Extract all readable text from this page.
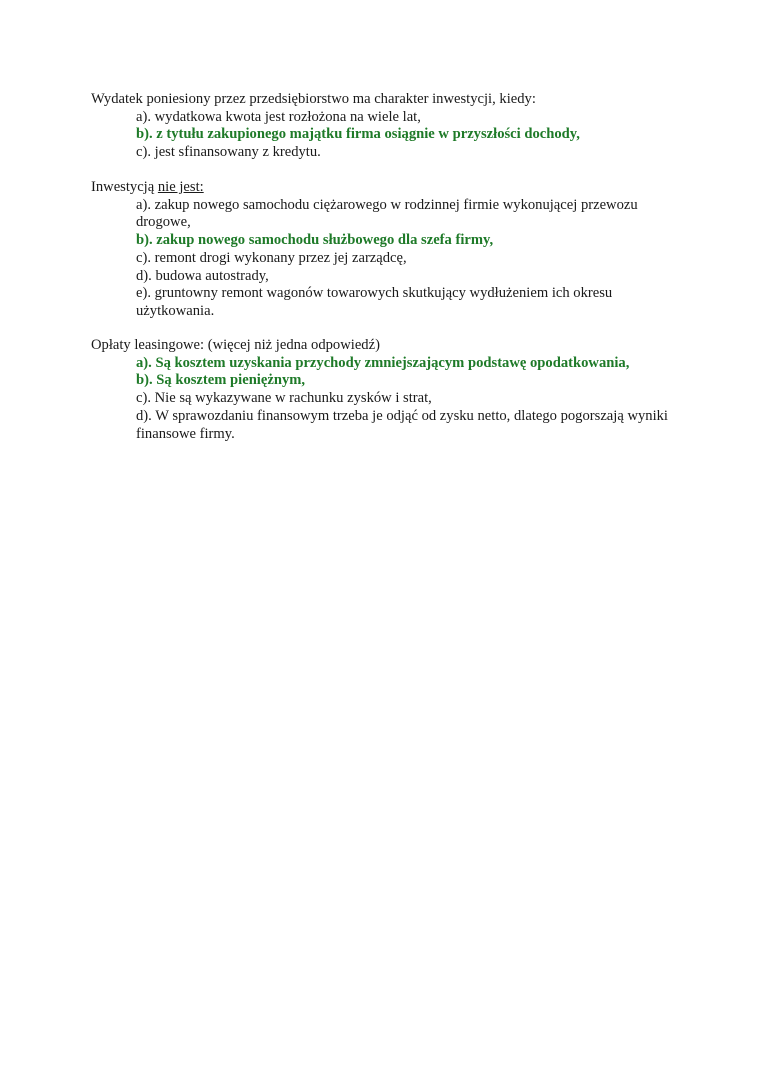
Wydatek poniesiony przez przedsiębiorstwo ma charakter inwestycji, kiedy:
a). wydatkowa kwota jest rozłożona na wiele lat,
b). z tytułu zakupionego majątku firma osiągnie w przyszłości dochody,
c). jest sfinansowany z kredytu.
Inwestycją nie jest:
a). zakup nowego samochodu ciężarowego w rodzinnej firmie wykonującej przewozu drogowe,
b). zakup nowego samochodu służbowego dla szefa firmy,
c). remont drogi wykonany przez jej zarządcę,
d). budowa autostrady,
e). gruntowny remont wagonów towarowych skutkujący wydłużeniem ich okresu użytkowania.
Opłaty leasingowe: (więcej niż jedna odpowiedź)
a). Są kosztem uzyskania przychody zmniejszającym podstawę opodatkowania,
b). Są kosztem pieniężnym,
c). Nie są wykazywane w rachunku zysków i strat,
d). W sprawozdaniu finansowym trzeba je odjąć od zysku netto, dlatego pogorszają wyniki finansowe firmy.
